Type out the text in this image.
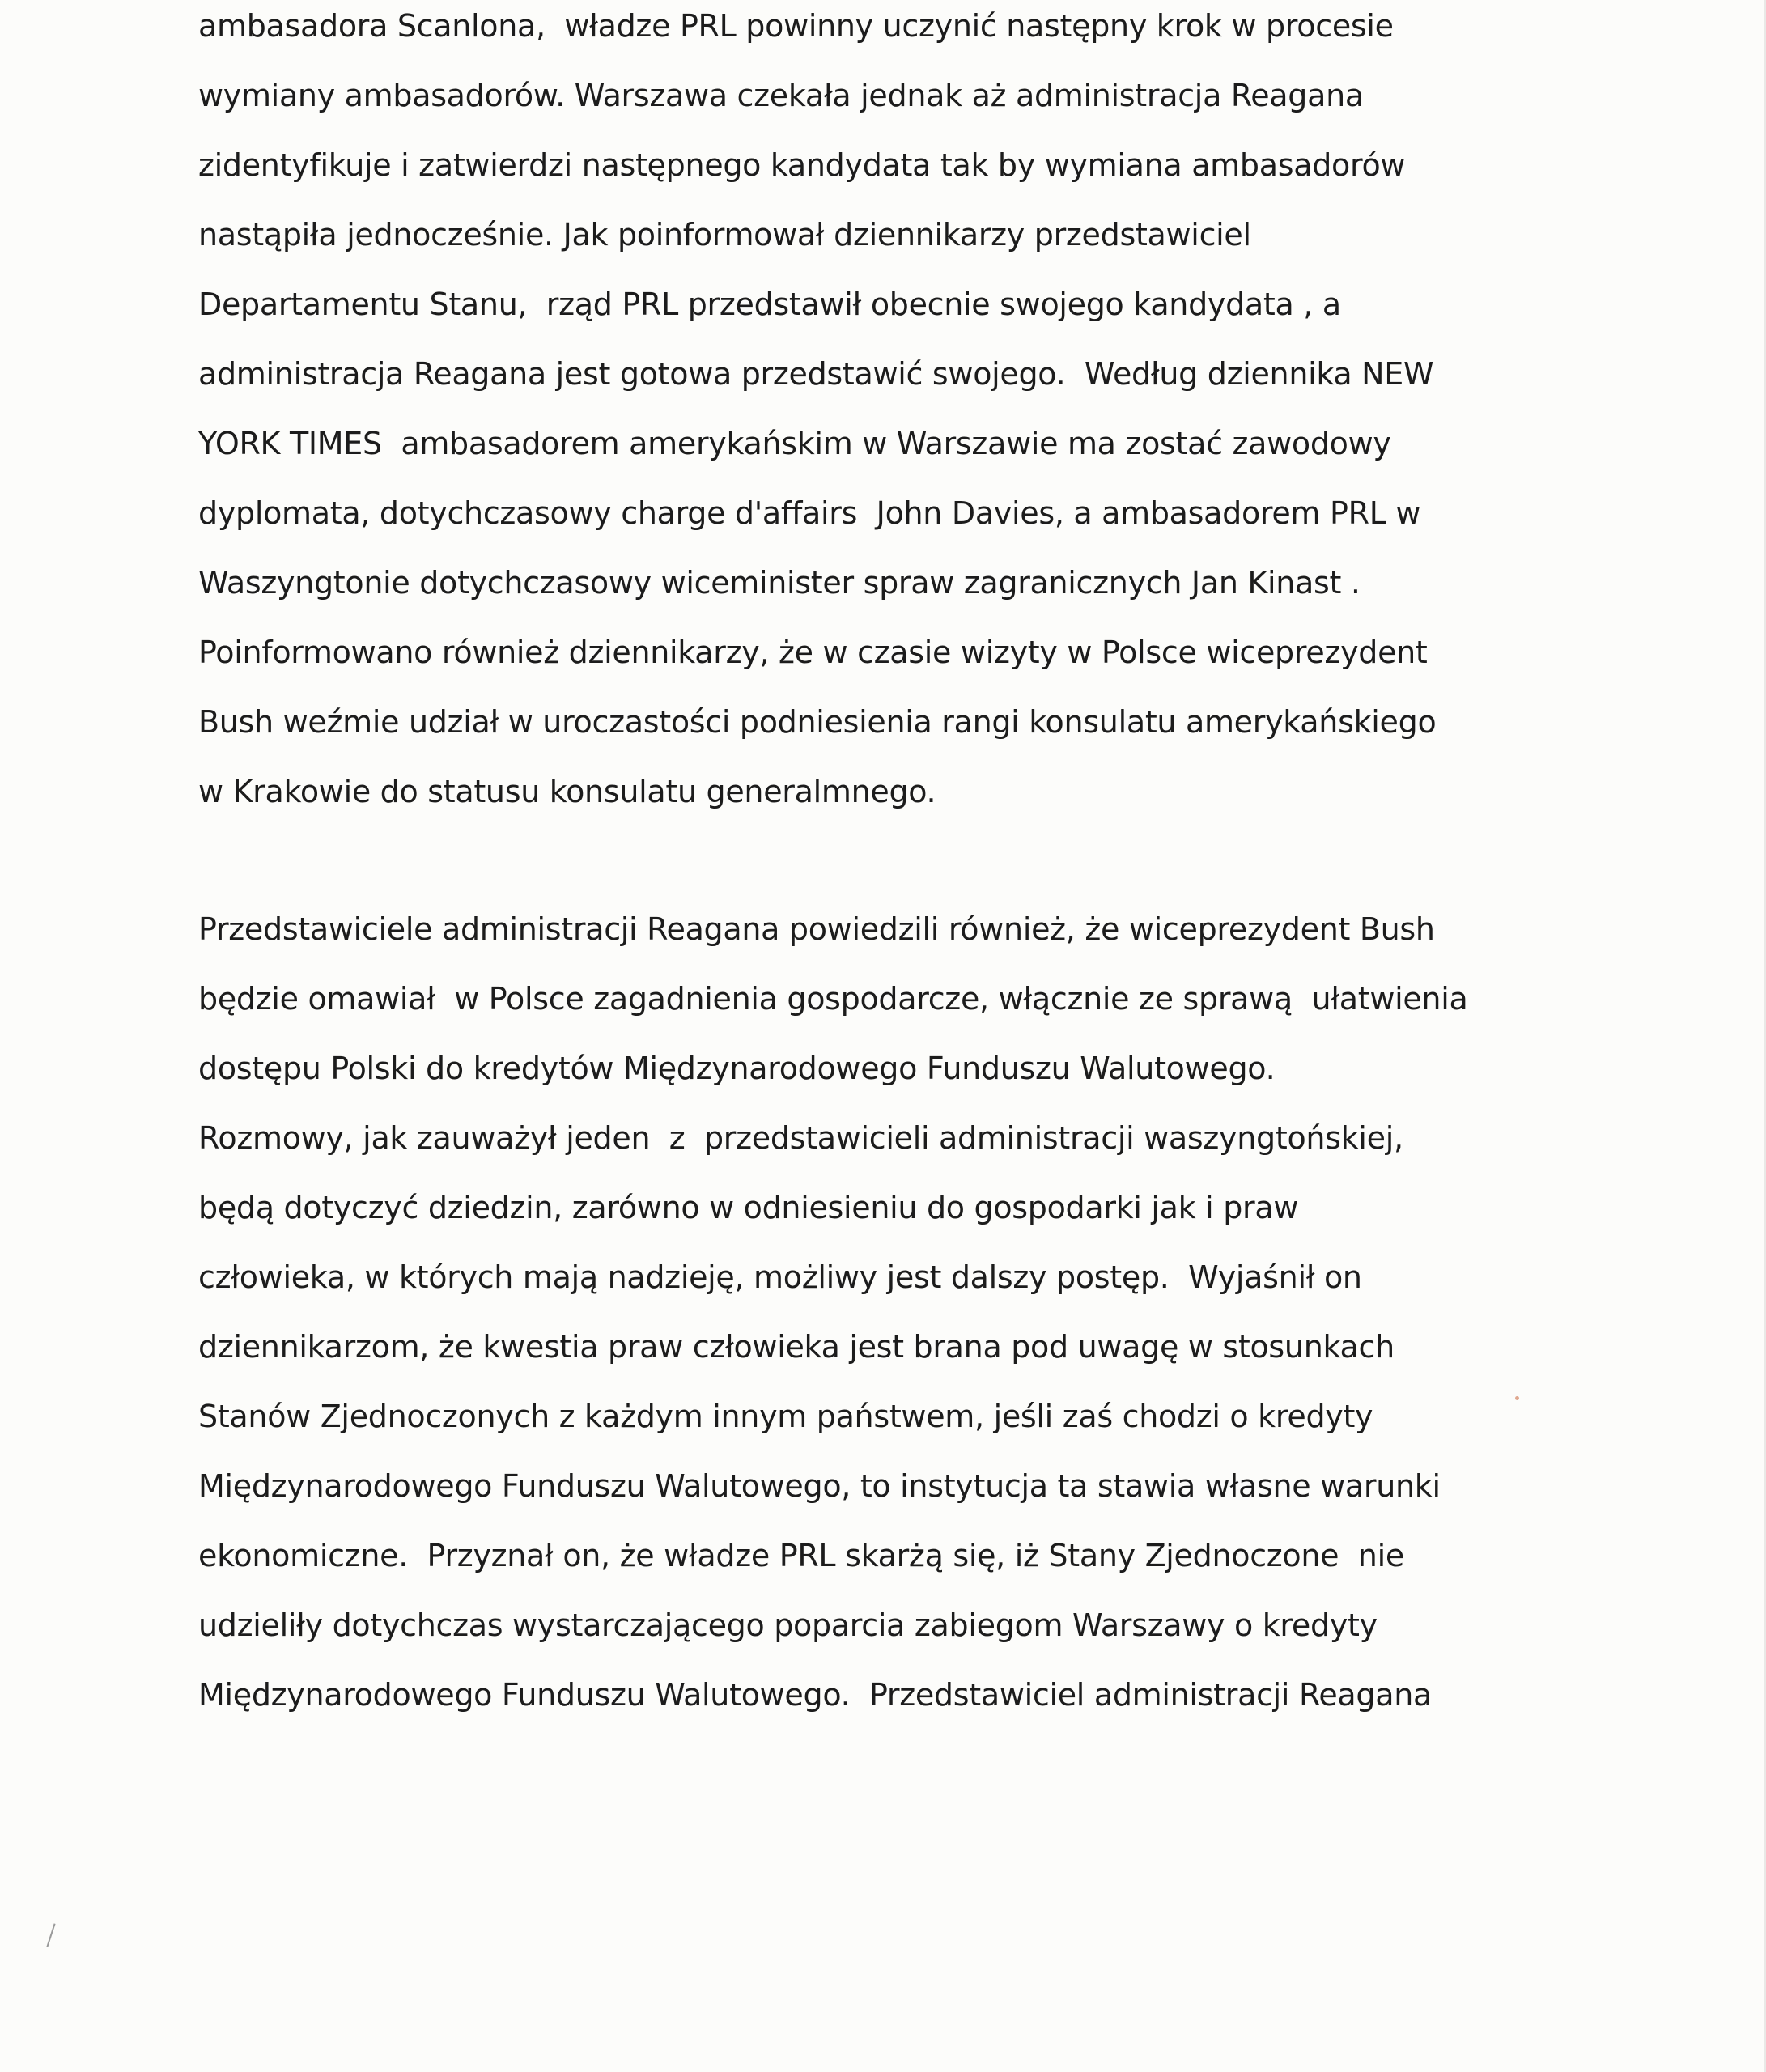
ambasadora Scanlona,  władze PRL powinny uczynić następny krok w procesie
wymiany ambasadorów. Warszawa czekała jednak aż administracja Reagana
zidentyfikuje i zatwierdzi następnego kandydata tak by wymiana ambasadorów
nastąpiła jednocześnie. Jak poinformował dziennikarzy przedstawiciel
Departamentu Stanu,  rząd PRL przedstawił obecnie swojego kandydata , a
administracja Reagana jest gotowa przedstawić swojego.  Według dziennika NEW
YORK TIMES  ambasadorem amerykańskim w Warszawie ma zostać zawodowy
dyplomata, dotychczasowy charge d'affairs  John Davies, a ambasadorem PRL w
Waszyngtonie dotychczasowy wiceminister spraw zagranicznych Jan Kinast .
Poinformowano również dziennikarzy, że w czasie wizyty w Polsce wiceprezydent
Bush weźmie udział w uroczastości podniesienia rangi konsulatu amerykańskiego
w Krakowie do statusu konsulatu generalmnego.
Przedstawiciele administracji Reagana powiedzili również, że wiceprezydent Bush
będzie omawiał  w Polsce zagadnienia gospodarcze, włącznie ze sprawą  ułatwienia
dostępu Polski do kredytów Międzynarodowego Funduszu Walutowego.
Rozmowy, jak zauważył jeden  z  przedstawicieli administracji waszyngtońskiej,
będą dotyczyć dziedzin, zarówno w odniesieniu do gospodarki jak i praw
człowieka, w których mają nadzieję, możliwy jest dalszy postęp.  Wyjaśnił on
dziennikarzom, że kwestia praw człowieka jest brana pod uwagę w stosunkach
Stanów Zjednoczonych z każdym innym państwem, jeśli zaś chodzi o kredyty
Międzynarodowego Funduszu Walutowego, to instytucja ta stawia własne warunki
ekonomiczne.  Przyznał on, że władze PRL skarżą się, iż Stany Zjednoczone  nie
udzieliły dotychczas wystarczającego poparcia zabiegom Warszawy o kredyty
Międzynarodowego Funduszu Walutowego.  Przedstawiciel administracji Reagana
